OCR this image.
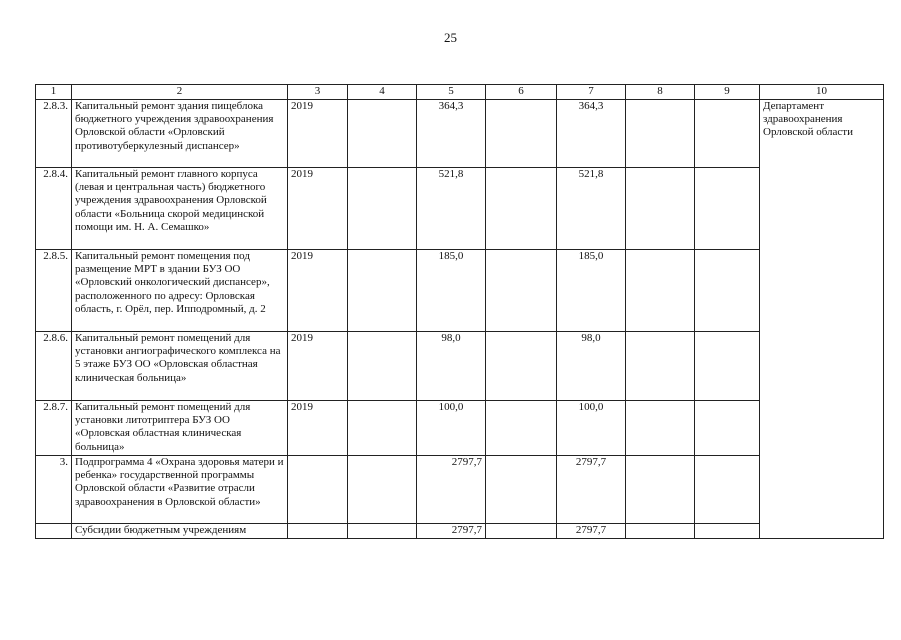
25
1	2	3	4	5	6	7	8	9	10
2.8.3.	Капитальный ремонт здания пищеблока бюджетного учреждения здравоохранения Орловской области «Орловский противотуберкулезный диспансер»	2019		364,3		364,3			Департамент здравоохранения Орловской области
2.8.4.	Капитальный ремонт главного корпуса (левая и центральная часть) бюджетного учреждения здравоохранения Орловской области «Больница скорой медицинской помощи им. Н. А. Семашко»	2019		521,8		521,8			
2.8.5.	Капитальный ремонт помещения под размещение МРТ в здании БУЗ ОО «Орловский онкологический диспансер», расположенного по адресу: Орловская область, г. Орёл, пер. Ипподромный, д. 2	2019		185,0		185,0			
2.8.6.	Капитальный ремонт помещений для установки ангиографического комплекса на 5 этаже БУЗ ОО «Орловская областная клиническая больница»	2019		98,0		98,0			
2.8.7.	Капитальный ремонт помещений для установки литотриптера БУЗ ОО «Орловская областная клиническая больница»	2019		100,0		100,0			
3.	Подпрограмма 4 «Охрана здоровья матери и ребенка» государственной программы Орловской области «Развитие отрасли здравоохранения в Орловской области»			2797,7		2797,7			
	Субсидии бюджетным учреждениям			2797,7		2797,7			
